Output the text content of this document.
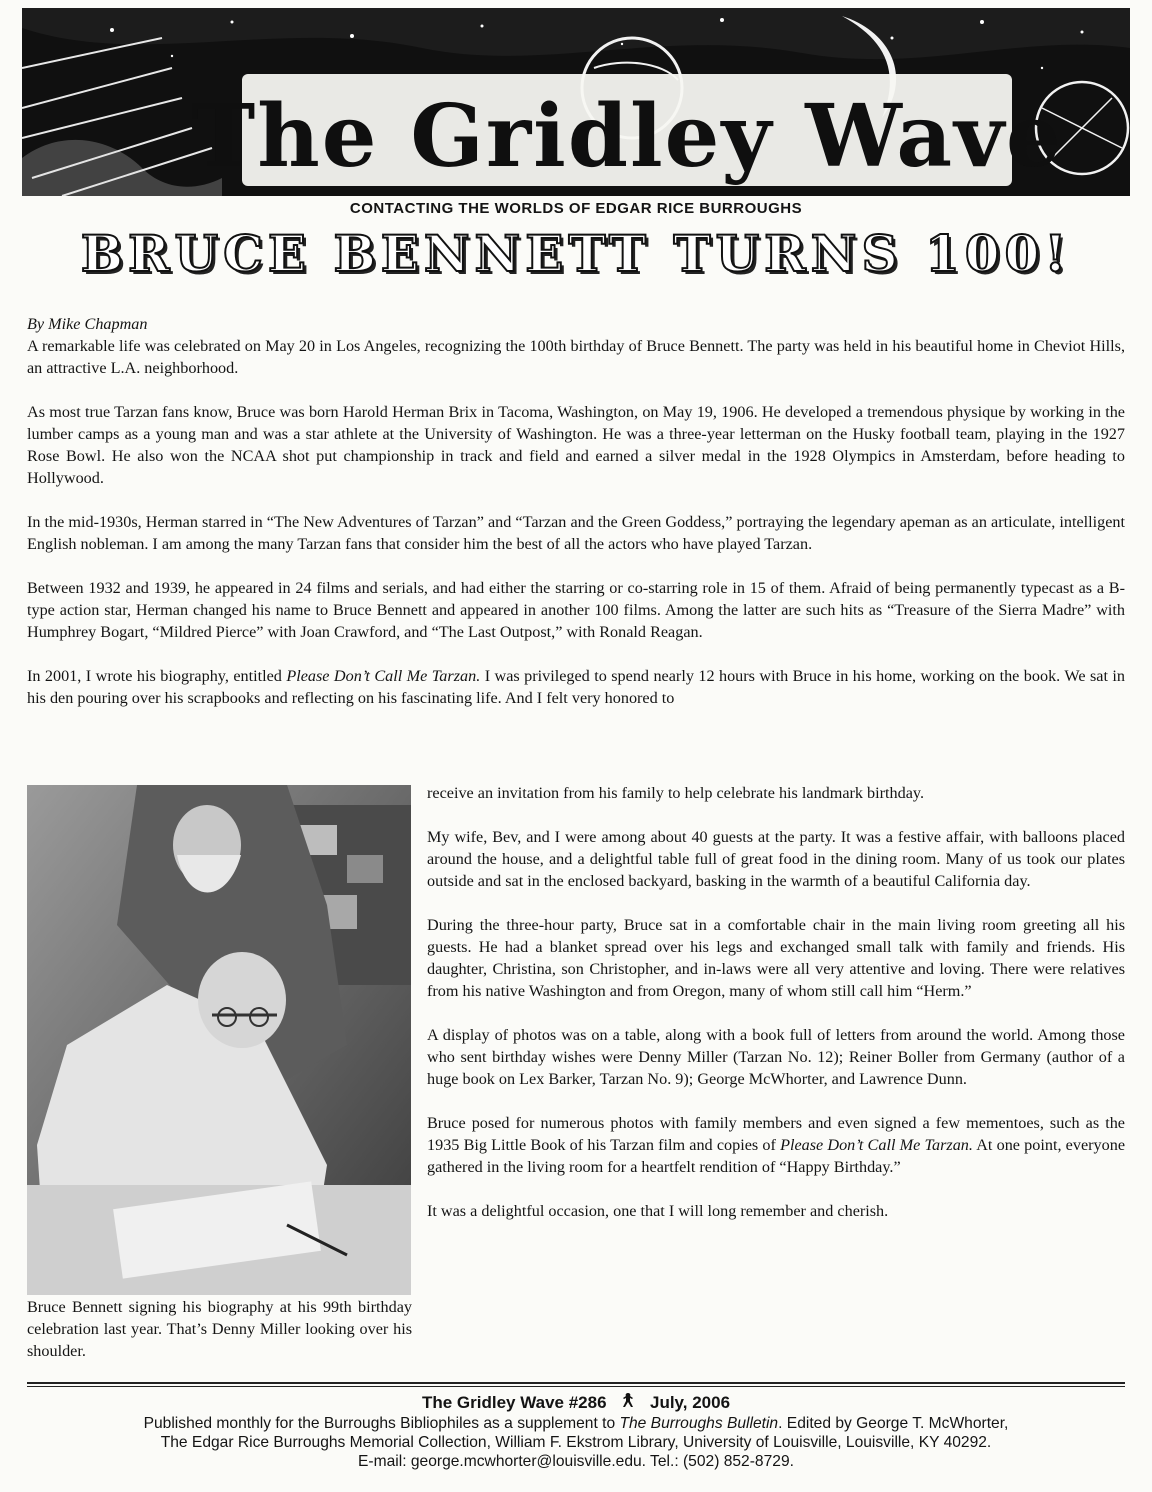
The Gridley Wave
CONTACTING THE WORLDS OF EDGAR RICE BURROUGHS
BRUCE BENNETT TURNS 100!

By Mike Chapman

A remarkable life was celebrated on May 20 in Los Angeles, recognizing the 100th birthday of Bruce Bennett. The party was held in his beautiful home in Cheviot Hills, an attractive L.A. neighborhood.

As most true Tarzan fans know, Bruce was born Harold Herman Brix in Tacoma, Washington, on May 19, 1906. He developed a tremendous physique by working in the lumber camps as a young man and was a star athlete at the University of Washington. He was a three-year letterman on the Husky football team, playing in the 1927 Rose Bowl. He also won the NCAA shot put championship in track and field and earned a silver medal in the 1928 Olympics in Amsterdam, before heading to Hollywood.

In the mid-1930s, Herman starred in “The New Adventures of Tarzan” and “Tarzan and the Green Goddess,” portraying the legendary apeman as an articulate, intelligent English nobleman. I am among the many Tarzan fans that consider him the best of all the actors who have played Tarzan.

Between 1932 and 1939, he appeared in 24 films and serials, and had either the starring or co-starring role in 15 of them. Afraid of being permanently typecast as a B-type action star, Herman changed his name to Bruce Bennett and appeared in another 100 films. Among the latter are such hits as “Treasure of the Sierra Madre” with Humphrey Bogart, “Mildred Pierce” with Joan Crawford, and “The Last Outpost,” with Ronald Reagan.

In 2001, I wrote his biography, entitled Please Don’t Call Me Tarzan. I was privileged to spend nearly 12 hours with Bruce in his home, working on the book. We sat in his den pouring over his scrapbooks and reflecting on his fascinating life. And I felt very honored to

Bruce Bennett signing his biography at his 99th birthday celebration last year. That’s Denny Miller looking over his shoulder.

receive an invitation from his family to help celebrate his landmark birthday.

My wife, Bev, and I were among about 40 guests at the party. It was a festive affair, with balloons placed around the house, and a delightful table full of great food in the dining room. Many of us took our plates outside and sat in the enclosed backyard, basking in the warmth of a beautiful California day.

During the three-hour party, Bruce sat in a comfortable chair in the main living room greeting all his guests. He had a blanket spread over his legs and exchanged small talk with family and friends. His daughter, Christina, son Christopher, and in-laws were all very attentive and loving. There were relatives from his native Washington and from Oregon, many of whom still call him “Herm.”

A display of photos was on a table, along with a book full of letters from around the world. Among those who sent birthday wishes were Denny Miller (Tarzan No. 12); Reiner Boller from Germany (author of a huge book on Lex Barker, Tarzan No. 9); George McWhorter, and Lawrence Dunn.

Bruce posed for numerous photos with family members and even signed a few mementoes, such as the 1935 Big Little Book of his Tarzan film and copies of Please Don’t Call Me Tarzan. At one point, everyone gathered in the living room for a heartfelt rendition of “Happy Birthday.”

It was a delightful occasion, one that I will long remember and cherish.

The Gridley Wave #286	July, 2006
Published monthly for the Burroughs Bibliophiles as a supplement to The Burroughs Bulletin. Edited by George T. McWhorter,
The Edgar Rice Burroughs Memorial Collection, William F. Ekstrom Library, University of Louisville, Louisville, KY 40292.
E-mail: george.mcwhorter@louisville.edu. Tel.: (502) 852-8729.
